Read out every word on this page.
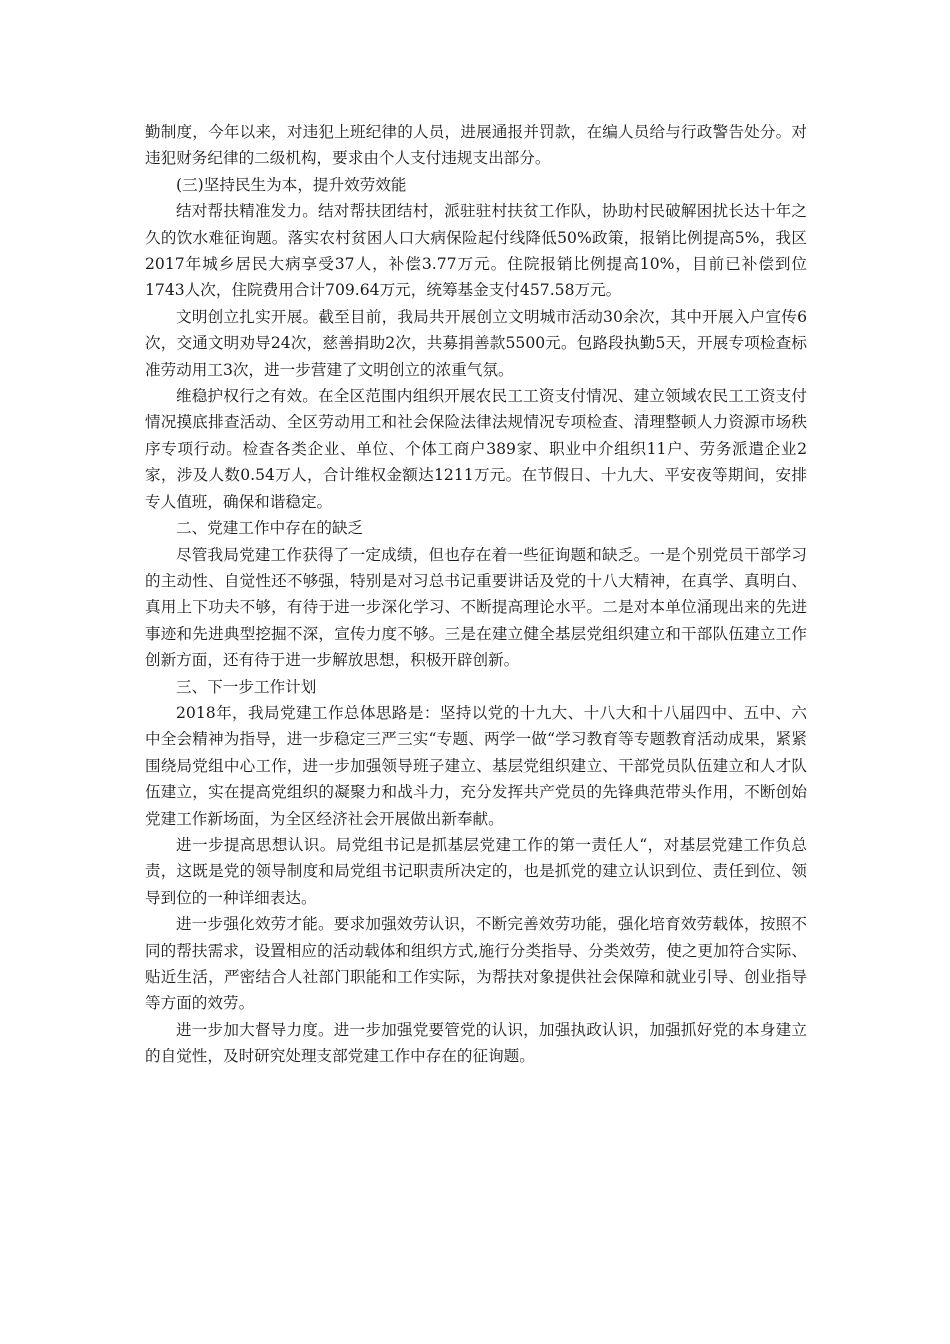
勤制度，今年以来，对违犯上班纪律的人员，进展通报并罚款，在编人员给与行政警告处分。对违犯财务纪律的二级机构，要求由个人支付违规支出部分。

(三)坚持民生为本，提升效劳效能

结对帮扶精准发力。结对帮扶团结村，派驻驻村扶贫工作队，协助村民破解困扰长达十年之久的饮水难征询题。落实农村贫困人口大病保险起付线降低50%政策，报销比例提高5%，我区2017年城乡居民大病享受37人，补偿3.77万元。住院报销比例提高10%，目前已补偿到位1743人次，住院费用合计709.64万元，统筹基金支付457.58万元。

文明创立扎实开展。截至目前，我局共开展创立文明城市活动30余次，其中开展入户宣传6次，交通文明劝导24次，慈善捐助2次，共募捐善款5500元。包路段执勤5天，开展专项检查标准劳动用工3次，进一步营建了文明创立的浓重气氛。

维稳护权行之有效。在全区范围内组织开展农民工工资支付情况、建立领域农民工工资支付情况摸底排查活动、全区劳动用工和社会保险法律法规情况专项检查、清理整顿人力资源市场秩序专项行动。检查各类企业、单位、个体工商户389家、职业中介组织11户、劳务派遣企业2家，涉及人数0.54万人，合计维权金额达1211万元。在节假日、十九大、平安夜等期间，安排专人值班，确保和谐稳定。

二、党建工作中存在的缺乏

尽管我局党建工作获得了一定成绩，但也存在着一些征询题和缺乏。一是个别党员干部学习的主动性、自觉性还不够强，特别是对习总书记重要讲话及党的十八大精神，在真学、真明白、真用上下功夫不够，有待于进一步深化学习、不断提高理论水平。二是对本单位涌现出来的先进事迹和先进典型挖掘不深，宣传力度不够。三是在建立健全基层党组织建立和干部队伍建立工作创新方面，还有待于进一步解放思想，积极开辟创新。

三、下一步工作计划

2018年，我局党建工作总体思路是：坚持以党的十九大、十八大和十八届四中、五中、六中全会精神为指导，进一步稳定三严三实“专题、两学一做“学习教育等专题教育活动成果，紧紧围绕局党组中心工作，进一步加强领导班子建立、基层党组织建立、干部党员队伍建立和人才队伍建立，实在提高党组织的凝聚力和战斗力，充分发挥共产党员的先锋典范带头作用，不断创始党建工作新场面，为全区经济社会开展做出新奉献。

进一步提高思想认识。局党组书记是抓基层党建工作的第一责任人“，对基层党建工作负总责，这既是党的领导制度和局党组书记职责所决定的，也是抓党的建立认识到位、责任到位、领导到位的一种详细表达。

进一步强化效劳才能。要求加强效劳认识，不断完善效劳功能，强化培育效劳载体，按照不同的帮扶需求，设置相应的活动载体和组织方式,施行分类指导、分类效劳，使之更加符合实际、贴近生活，严密结合人社部门职能和工作实际，为帮扶对象提供社会保障和就业引导、创业指导等方面的效劳。

进一步加大督导力度。进一步加强党要管党的认识，加强执政认识，加强抓好党的本身建立的自觉性，及时研究处理支部党建工作中存在的征询题。
